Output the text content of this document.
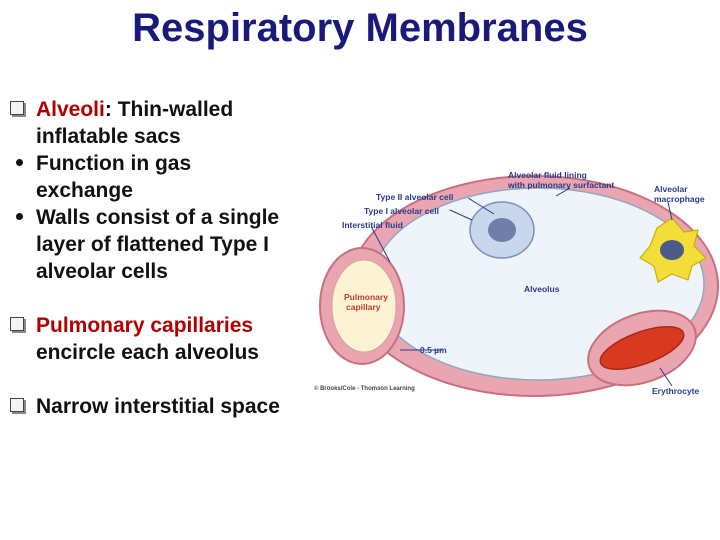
Respiratory Membranes
Alveoli: Thin-walled
inflatable sacs
Function in gas
exchange
Walls consist of a single
layer of flattened Type I
alveolar cells
Pulmonary capillaries
encircle each alveolus
Narrow interstitial space
Type II alveolar cell
Type I alveolar cell
Interstitial fluid
Alveolar fluid lining
with pulmonary surfactant	Alveolar
macrophage
Alveolus
Pulmonary
capillary
0.5 µm
© Brooks/Cole - Thomson Learning	Erythrocyte
